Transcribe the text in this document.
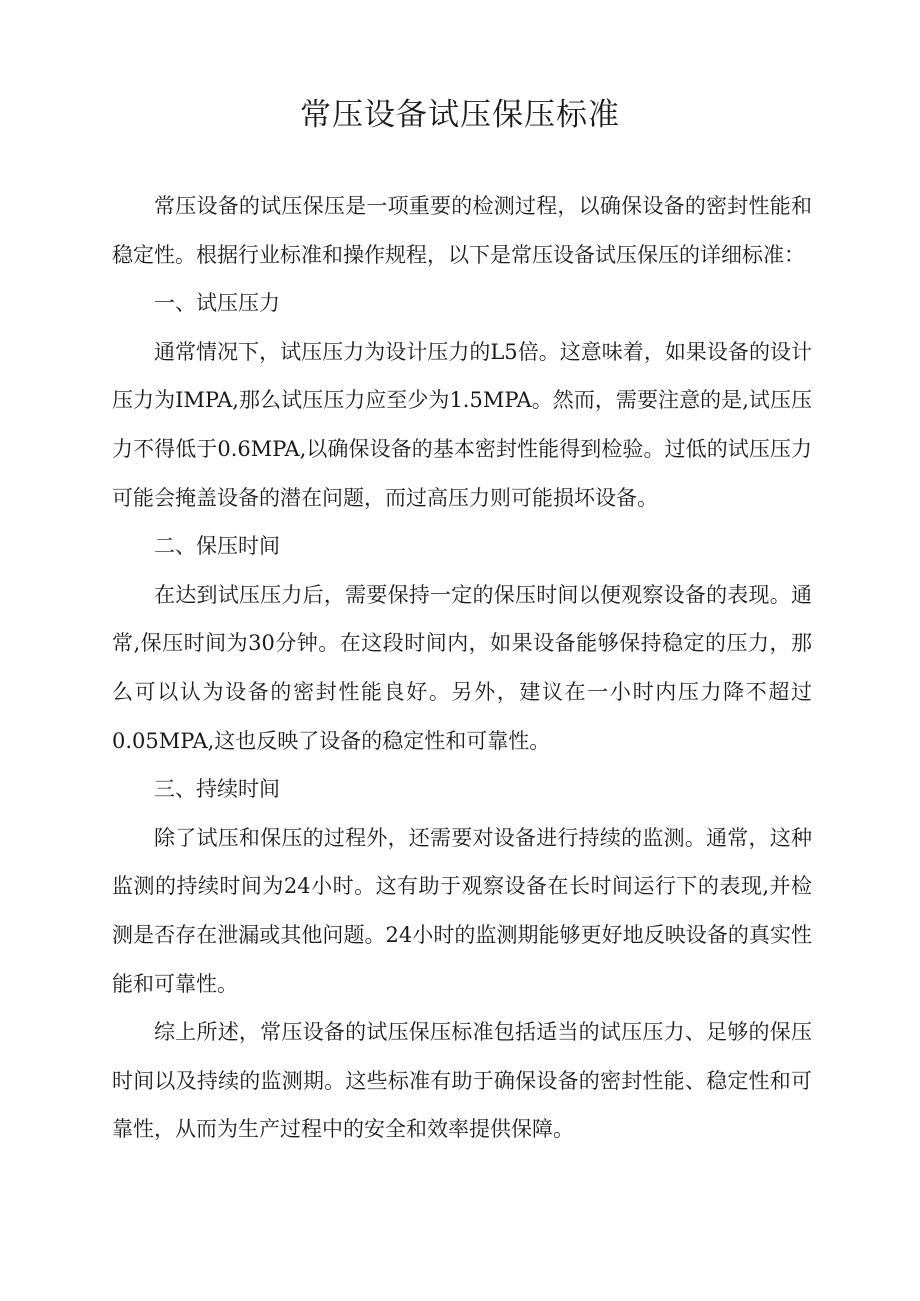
常压设备试压保压标准

常压设备的试压保压是一项重要的检测过程，以确保设备的密封性能和稳定性。根据行业标准和操作规程，以下是常压设备试压保压的详细标准：

一、试压压力

通常情况下，试压压力为设计压力的L5倍。这意味着，如果设备的设计压力为IMPA,那么试压压力应至少为1.5MPA。然而，需要注意的是,试压压力不得低于0.6MPA,以确保设备的基本密封性能得到检验。过低的试压压力可能会掩盖设备的潜在问题，而过高压力则可能损坏设备。

二、保压时间

在达到试压压力后，需要保持一定的保压时间以便观察设备的表现。通常,保压时间为30分钟。在这段时间内，如果设备能够保持稳定的压力，那么可以认为设备的密封性能良好。另外，建议在一小时内压力降不超过0.05MPA,这也反映了设备的稳定性和可靠性。

三、持续时间

除了试压和保压的过程外，还需要对设备进行持续的监测。通常，这种监测的持续时间为24小时。这有助于观察设备在长时间运行下的表现,并检测是否存在泄漏或其他问题。24小时的监测期能够更好地反映设备的真实性能和可靠性。

综上所述，常压设备的试压保压标准包括适当的试压压力、足够的保压时间以及持续的监测期。这些标准有助于确保设备的密封性能、稳定性和可靠性，从而为生产过程中的安全和效率提供保障。
